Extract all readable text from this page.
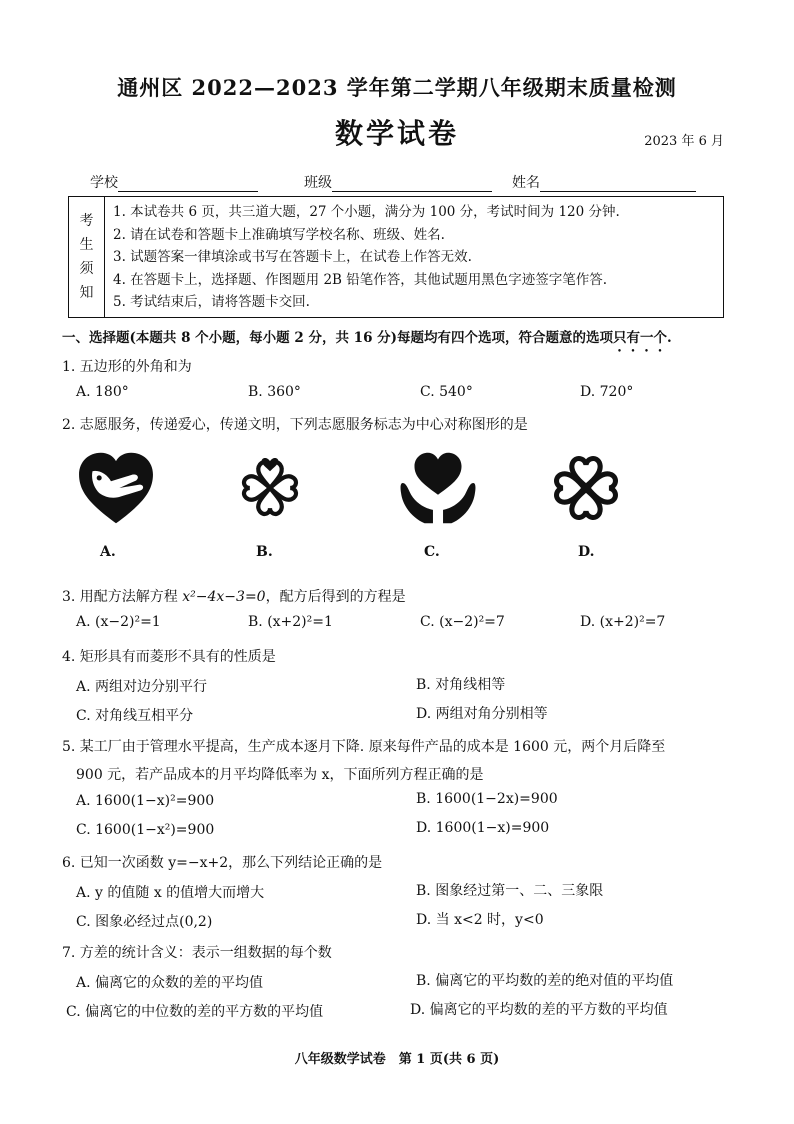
通州区 2022—2023 学年第二学期八年级期末质量检测
数学试卷	2023 年 6 月
学校	班级	姓名
考
生
须
知
1. 本试卷共 6 页，共三道大题，27 个小题，满分为 100 分，考试时间为 120 分钟.
2. 请在试卷和答题卡上准确填写学校名称、班级、姓名.
3. 试题答案一律填涂或书写在答题卡上，在试卷上作答无效.
4. 在答题卡上，选择题、作图题用 2B 铅笔作答，其他试题用黑色字迹签字笔作答.
5. 考试结束后，请将答题卡交回.
一、选择题(本题共 8 个小题，每小题 2 分，共 16 分)每题均有四个选项，符合题意的选项只有一个.
1. 五边形的外角和为
A. 180°	B. 360°	C. 540°	D. 720°
2. 志愿服务，传递爱心，传递文明，下列志愿服务标志为中心对称图形的是
A.	B.	C.	D.
3. 用配方法解方程 x²−4x−3=0，配方后得到的方程是
A. (x−2)²=1	B. (x+2)²=1	C. (x−2)²=7	D. (x+2)²=7
4. 矩形具有而菱形不具有的性质是
A. 两组对边分别平行	B. 对角线相等
C. 对角线互相平分	D. 两组对角分别相等
5. 某工厂由于管理水平提高，生产成本逐月下降. 原来每件产品的成本是 1600 元，两个月后降至
900 元，若产品成本的月平均降低率为 x，下面所列方程正确的是
A. 1600(1−x)²=900	B. 1600(1−2x)=900
C. 1600(1−x²)=900	D. 1600(1−x)=900
6. 已知一次函数 y=−x+2，那么下列结论正确的是
A. y 的值随 x 的值增大而增大	B. 图象经过第一、二、三象限
C. 图象必经过点(0,2)	D. 当 x<2 时，y<0
7. 方差的统计含义：表示一组数据的每个数
A. 偏离它的众数的差的平均值	B. 偏离它的平均数的差的绝对值的平均值
C. 偏离它的中位数的差的平方数的平均值	D. 偏离它的平均数的差的平方数的平均值
八年级数学试卷　第 1 页(共 6 页)
